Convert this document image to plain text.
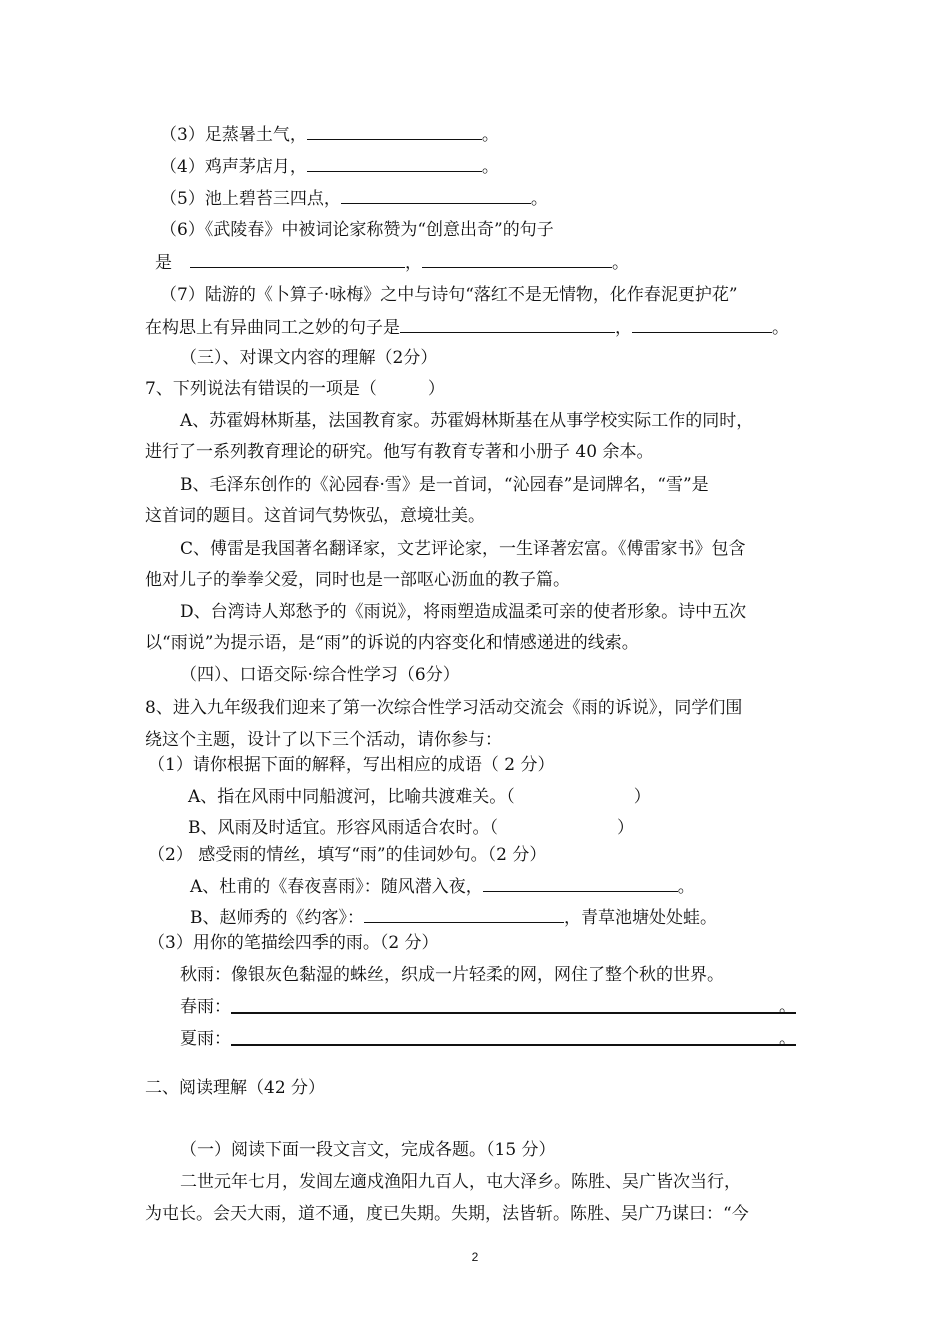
（3）足蒸暑土气，	。
（4）鸡声茅店月，	。
（5）池上碧苔三四点，	。
（6）《武陵春》中被词论家称赞为“创意出奇”的句子
是	，	。
（7）陆游的《卜算子·咏梅》之中与诗句“落红不是无情物，化作春泥更护花”
在构思上有异曲同工之妙的句子是	，	。
（三）、对课文内容的理解（2分）
7、下列说法有错误的一项是（　　　）
A、苏霍姆林斯基，法国教育家。苏霍姆林斯基在从事学校实际工作的同时，
进行了一系列教育理论的研究。他写有教育专著和小册子 40 余本。
B、毛泽东创作的《沁园春·雪》是一首词，“沁园春”是词牌名，“雪”是
这首词的题目。这首词气势恢弘，意境壮美。
C、傅雷是我国著名翻译家，文艺评论家，一生译著宏富。《傅雷家书》包含
他对儿子的拳拳父爱，同时也是一部呕心沥血的教子篇。
D、台湾诗人郑愁予的《雨说》，将雨塑造成温柔可亲的使者形象。诗中五次
以“雨说”为提示语，是“雨”的诉说的内容变化和情感递进的线索。
（四）、口语交际·综合性学习（6分）
8、进入九年级我们迎来了第一次综合性学习活动交流会《雨的诉说》，同学们围
绕这个主题，设计了以下三个活动，请你参与：
（1）请你根据下面的解释，写出相应的成语（ 2 分）
A、指在风雨中同船渡河，比喻共渡难关。（　　　　　　　）
B、风雨及时适宜。形容风雨适合农时。（　　　　　　　）
（2） 感受雨的情丝，填写“雨”的佳词妙句。（2 分）
A、杜甫的《春夜喜雨》：随风潜入夜，	。
B、赵师秀的《约客》：	，青草池塘处处蛙。
（3）用你的笔描绘四季的雨。（2 分）
秋雨：像银灰色黏湿的蛛丝，织成一片轻柔的网，网住了整个秋的世界。
春雨：	。
夏雨：	。
二、阅读理解（42 分）
（一）阅读下面一段文言文，完成各题。（15 分）
二世元年七月，发闾左適戍渔阳九百人，屯大泽乡。陈胜、吴广皆次当行，
为屯长。会天大雨，道不通，度已失期。失期，法皆斩。陈胜、吴广乃谋曰：“今
2
